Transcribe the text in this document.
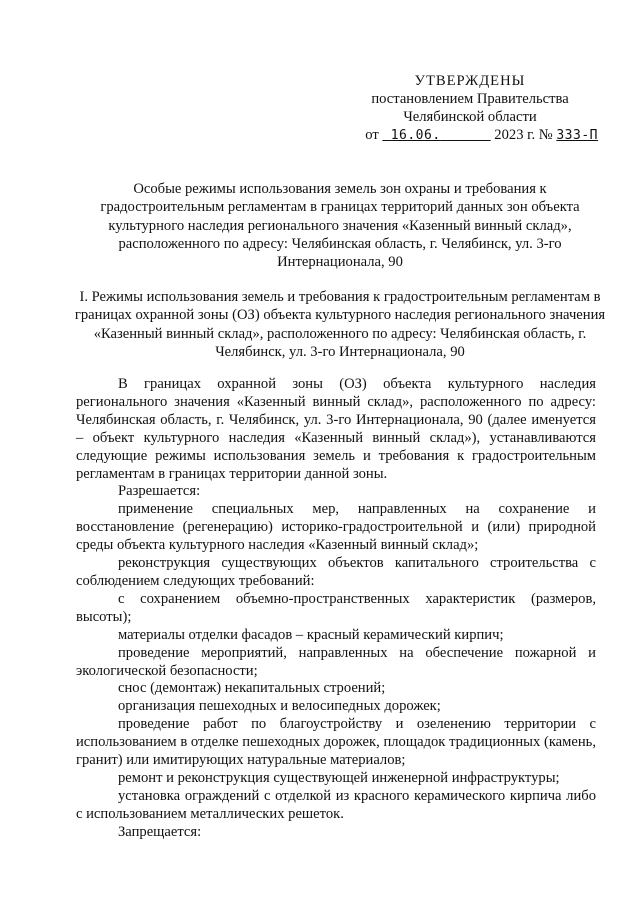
УТВЕРЖДЕНЫ
постановлением Правительства
Челябинской области
от 16.06.	2023 г. № 333-П
Особые режимы использования земель зон охраны и требования к градостроительным регламентам в границах территорий данных зон объекта культурного наследия регионального значения «Казенный винный склад», расположенного по адресу: Челябинская область, г. Челябинск, ул. 3-го Интернационала, 90
I. Режимы использования земель и требования к градостроительным регламентам в границах охранной зоны (ОЗ) объекта культурного наследия регионального значения «Казенный винный склад», расположенного по адресу: Челябинская область, г. Челябинск, ул. 3-го Интернационала, 90

В границах охранной зоны (ОЗ) объекта культурного наследия регионального значения «Казенный винный склад», расположенного по адресу: Челябинская область, г. Челябинск, ул. 3-го Интернационала, 90 (далее именуется – объект культурного наследия «Казенный винный склад»), устанавливаются следующие режимы использования земель и требования к градостроительным регламентам в границах территории данной зоны.

Разрешается:

применение специальных мер, направленных на сохранение и восстановление (регенерацию) историко-градостроительной и (или) природной среды объекта культурного наследия «Казенный винный склад»;

реконструкция существующих объектов капитального строительства с соблюдением следующих требований:

с сохранением объемно-пространственных характеристик (размеров, высоты);

материалы отделки фасадов – красный керамический кирпич;

проведение мероприятий, направленных на обеспечение пожарной и экологической безопасности;

снос (демонтаж) некапитальных строений;

организация пешеходных и велосипедных дорожек;

проведение работ по благоустройству и озеленению территории с использованием в отделке пешеходных дорожек, площадок традиционных (камень, гранит) или имитирующих натуральные материалов;

ремонт и реконструкция существующей инженерной инфраструктуры;

установка ограждений с отделкой из красного керамического кирпича либо с использованием металлических решеток.

Запрещается:
